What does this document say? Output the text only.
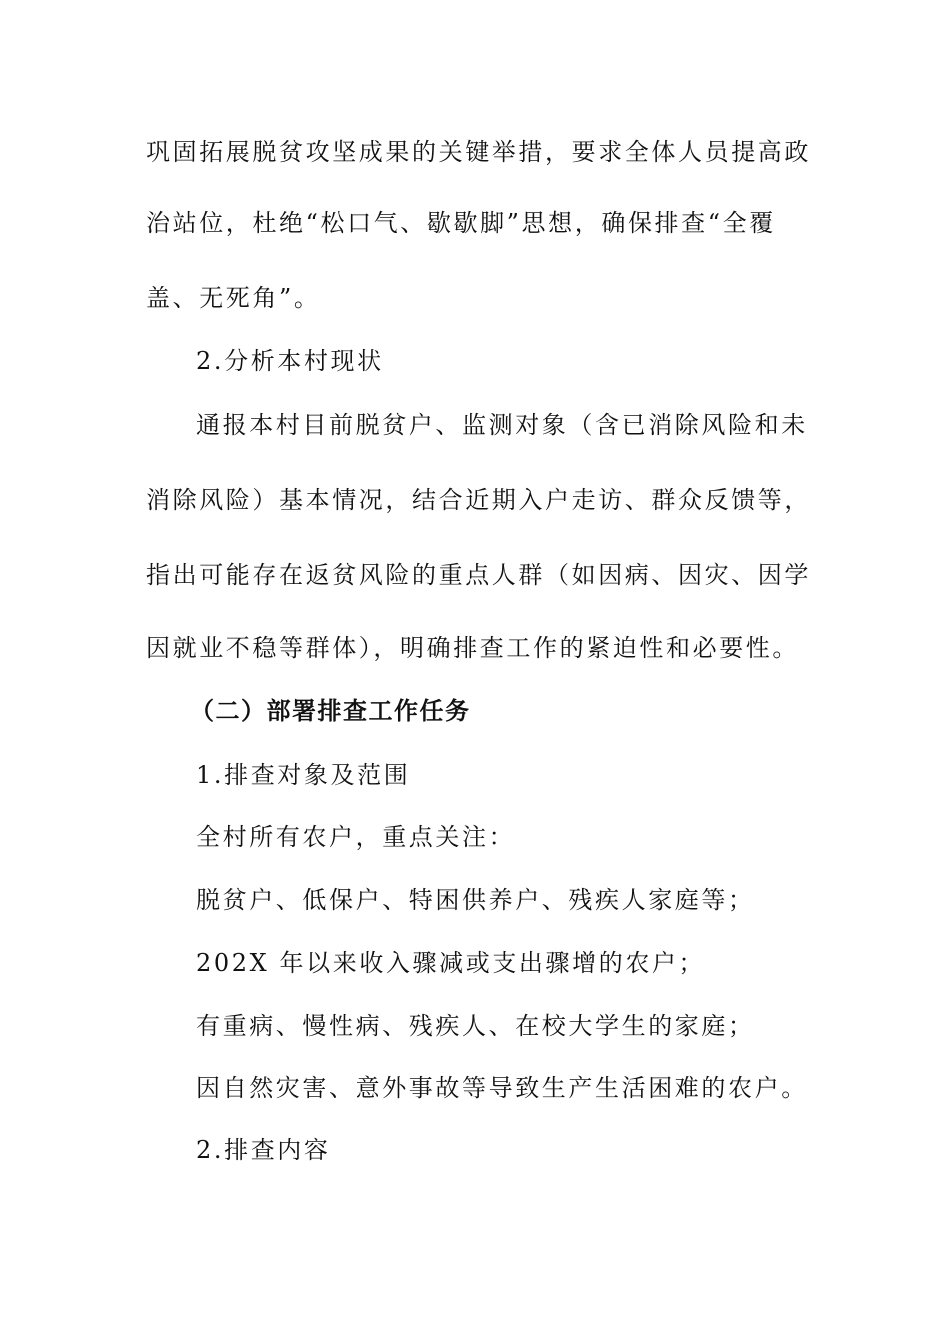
巩固拓展脱贫攻坚成果的关键举措，要求全体人员提高政
治站位，杜绝“松口气、歇歇脚”思想，确保排查“全覆
盖、无死角”。
2.分析本村现状
通报本村目前脱贫户、监测对象（含已消除风险和未
消除风险）基本情况，结合近期入户走访、群众反馈等，
指出可能存在返贫风险的重点人群（如因病、因灾、因学
因就业不稳等群体），明确排查工作的紧迫性和必要性。
（二）部署排查工作任务
1.排查对象及范围
全村所有农户，重点关注：
脱贫户、低保户、特困供养户、残疾人家庭等；
202X 年以来收入骤减或支出骤增的农户；
有重病、慢性病、残疾人、在校大学生的家庭；
因自然灾害、意外事故等导致生产生活困难的农户。
2.排查内容
